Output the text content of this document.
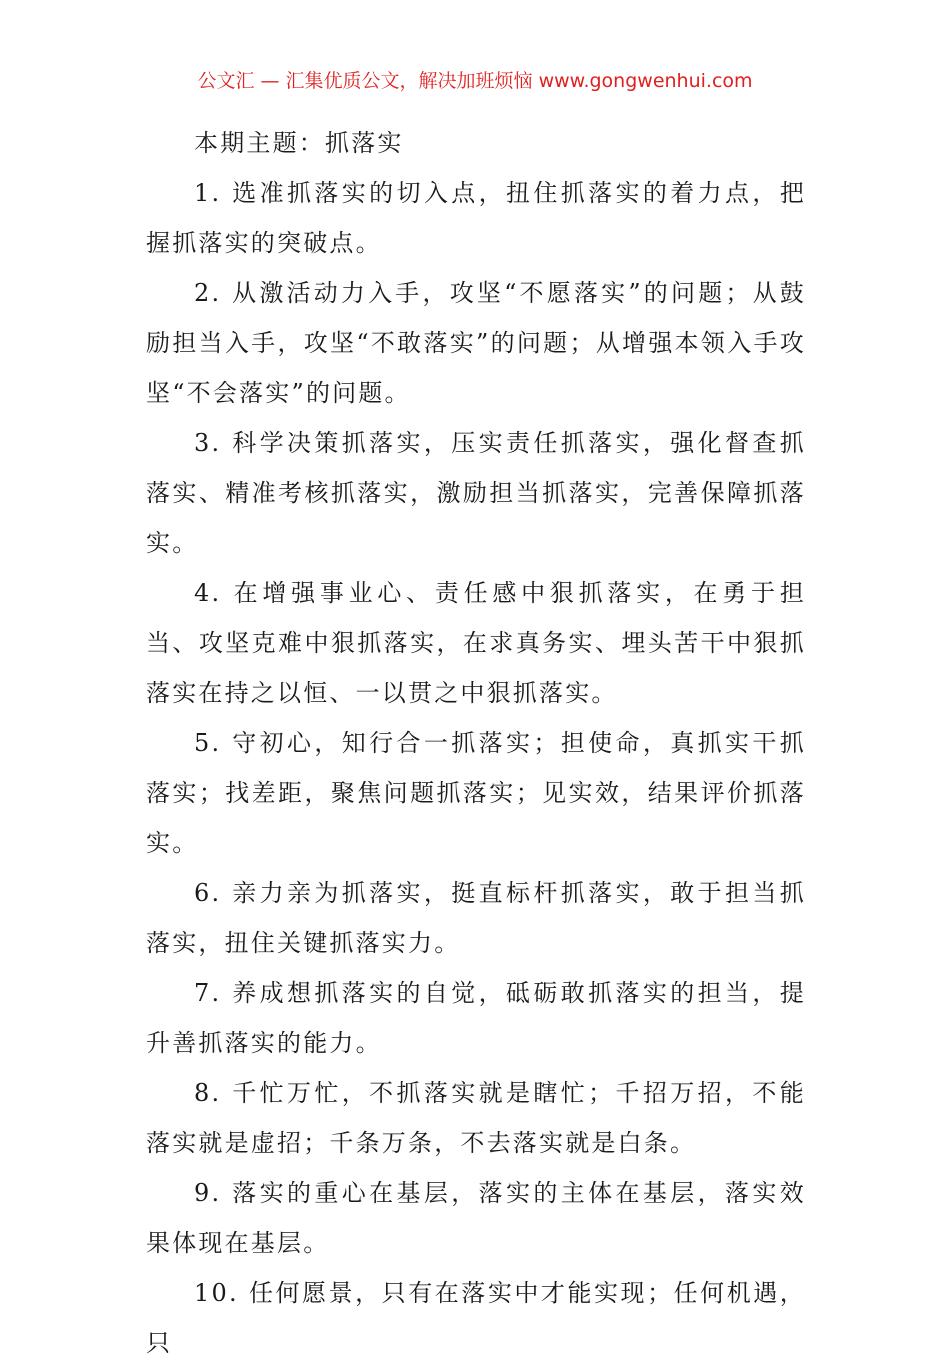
公文汇 — 汇集优质公文，解决加班烦恼 www.gongwenhui.com

本期主题：抓落实

1. 选准抓落实的切入点，扭住抓落实的着力点，把握抓落实的突破点。

2. 从激活动力入手，攻坚“不愿落实”的问题；从鼓励担当入手，攻坚“不敢落实”的问题；从增强本领入手攻坚“不会落实”的问题。

3. 科学决策抓落实，压实责任抓落实，强化督查抓落实、精准考核抓落实，激励担当抓落实，完善保障抓落实。

4. 在增强事业心、责任感中狠抓落实，在勇于担当、攻坚克难中狠抓落实，在求真务实、埋头苦干中狠抓落实在持之以恒、一以贯之中狠抓落实。

5. 守初心，知行合一抓落实；担使命，真抓实干抓落实；找差距，聚焦问题抓落实；见实效，结果评价抓落实。

6. 亲力亲为抓落实，挺直标杆抓落实，敢于担当抓落实，扭住关键抓落实力。

7. 养成想抓落实的自觉，砥砺敢抓落实的担当，提升善抓落实的能力。

8. 千忙万忙，不抓落实就是瞎忙；千招万招，不能落实就是虚招；千条万条，不去落实就是白条。

9. 落实的重心在基层，落实的主体在基层，落实效果体现在基层。

10. 任何愿景，只有在落实中才能实现；任何机遇，只
